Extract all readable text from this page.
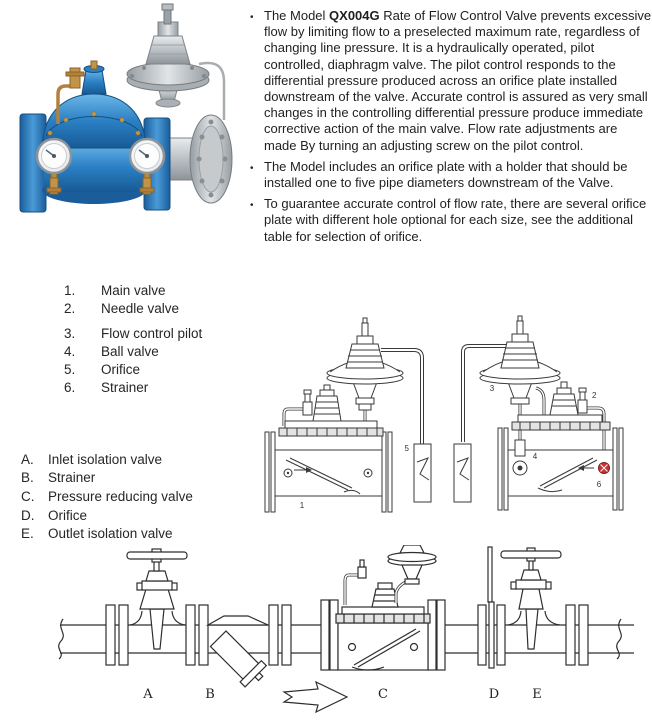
• The Model QX004G Rate of Flow Control Valve prevents excessive flow by limiting flow to a preselected maximum rate, regardless of changing line pressure. It is a hydraulically operated, pilot controlled, diaphragm valve. The pilot control responds to the differential pressure produced across an orifice plate installed downstream of the valve. Accurate control is assured as very small changes in the controlling differential pressure produce immediate corrective action of the main valve. Flow rate adjustments are made By turning an adjusting screw on the pilot control.

• The Model includes an orifice plate with a holder that should be installed one to five pipe diameters downstream of the Valve.

• To guarantee accurate control of flow rate, there are several orifice plate with different hole optional for each size, see the additional table for selection of orifice.

1.	Main valve
2.	Needle valve
3.	Flow control pilot
4.	Ball valve
5.	Orifice
6.	Strainer
A.	Inlet isolation valve
B.	Strainer
C.	Pressure reducing valve
D.	Orifice
E.	Outlet isolation valve
1
5
3
2
4
6
A	B	C	D	E
